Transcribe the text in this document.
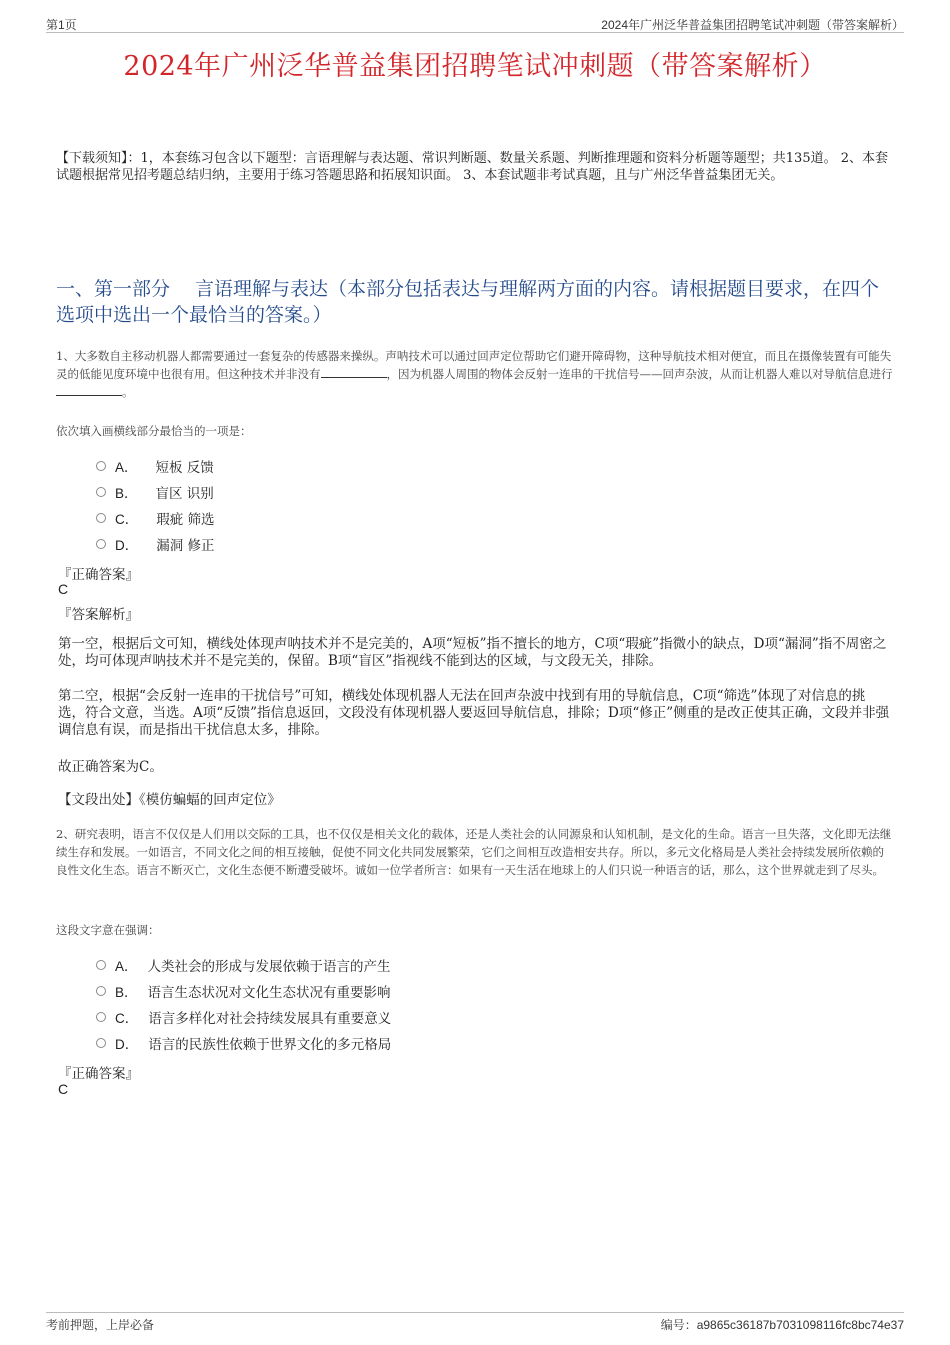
第1页	2024年广州泛华普益集团招聘笔试冲刺题（带答案解析）
2024年广州泛华普益集团招聘笔试冲刺题（带答案解析）
【下载须知】：1，本套练习包含以下题型：言语理解与表达题、常识判断题、数量关系题、判断推理题和资料分析题等题型；共135道。 2、本套试题根据常见招考题总结归纳，主要用于练习答题思路和拓展知识面。 3、本套试题非考试真题，且与广州泛华普益集团无关。
一、第一部分　 言语理解与表达（本部分包括表达与理解两方面的内容。请根据题目要求，在四个选项中选出一个最恰当的答案。）
1、大多数自主移动机器人都需要通过一套复杂的传感器来操纵。声呐技术可以通过回声定位帮助它们避开障碍物，这种导航技术相对便宜，而且在摄像装置有可能失灵的低能见度环境中也很有用。但这种技术并非没有	，因为机器人周围的物体会反射一连串的干扰信号——回声杂波，从而让机器人难以对导航信息进行。
依次填入画横线部分最恰当的一项是：
A． 短板 反馈
B． 盲区 识别
C． 瑕疵 筛选
D． 漏洞 修正
『正确答案』
C
『答案解析』
第一空，根据后文可知，横线处体现声呐技术并不是完美的，A项“短板”指不擅长的地方，C项“瑕疵”指微小的缺点，D项“漏洞”指不周密之处，均可体现声呐技术并不是完美的，保留。B项“盲区”指视线不能到达的区域，与文段无关，排除。
第二空，根据“会反射一连串的干扰信号”可知，横线处体现机器人无法在回声杂波中找到有用的导航信息，C项“筛选”体现了对信息的挑选，符合文意，当选。A项“反馈”指信息返回，文段没有体现机器人要返回导航信息，排除；D项“修正”侧重的是改正使其正确，文段并非强调信息有误，而是指出干扰信息太多，排除。
故正确答案为C。
【文段出处】《模仿蝙蝠的回声定位》
2、研究表明，语言不仅仅是人们用以交际的工具，也不仅仅是相关文化的载体，还是人类社会的认同源泉和认知机制，是文化的生命。语言一旦失落，文化即无法继续生存和发展。一如语言，不同文化之间的相互接触，促使不同文化共同发展繁荣，它们之间相互改造相安共存。所以，多元文化格局是人类社会持续发展所依赖的良性文化生态。语言不断灭亡，文化生态便不断遭受破坏。诚如一位学者所言：如果有一天生活在地球上的人们只说一种语言的话，那么，这个世界就走到了尽头。
这段文字意在强调：
A． 人类社会的形成与发展依赖于语言的产生
B． 语言生态状况对文化生态状况有重要影响
C． 语言多样化对社会持续发展具有重要意义
D． 语言的民族性依赖于世界文化的多元格局
『正确答案』
C
考前押题，上岸必备	编号：a9865c36187b7031098116fc8bc74e37
